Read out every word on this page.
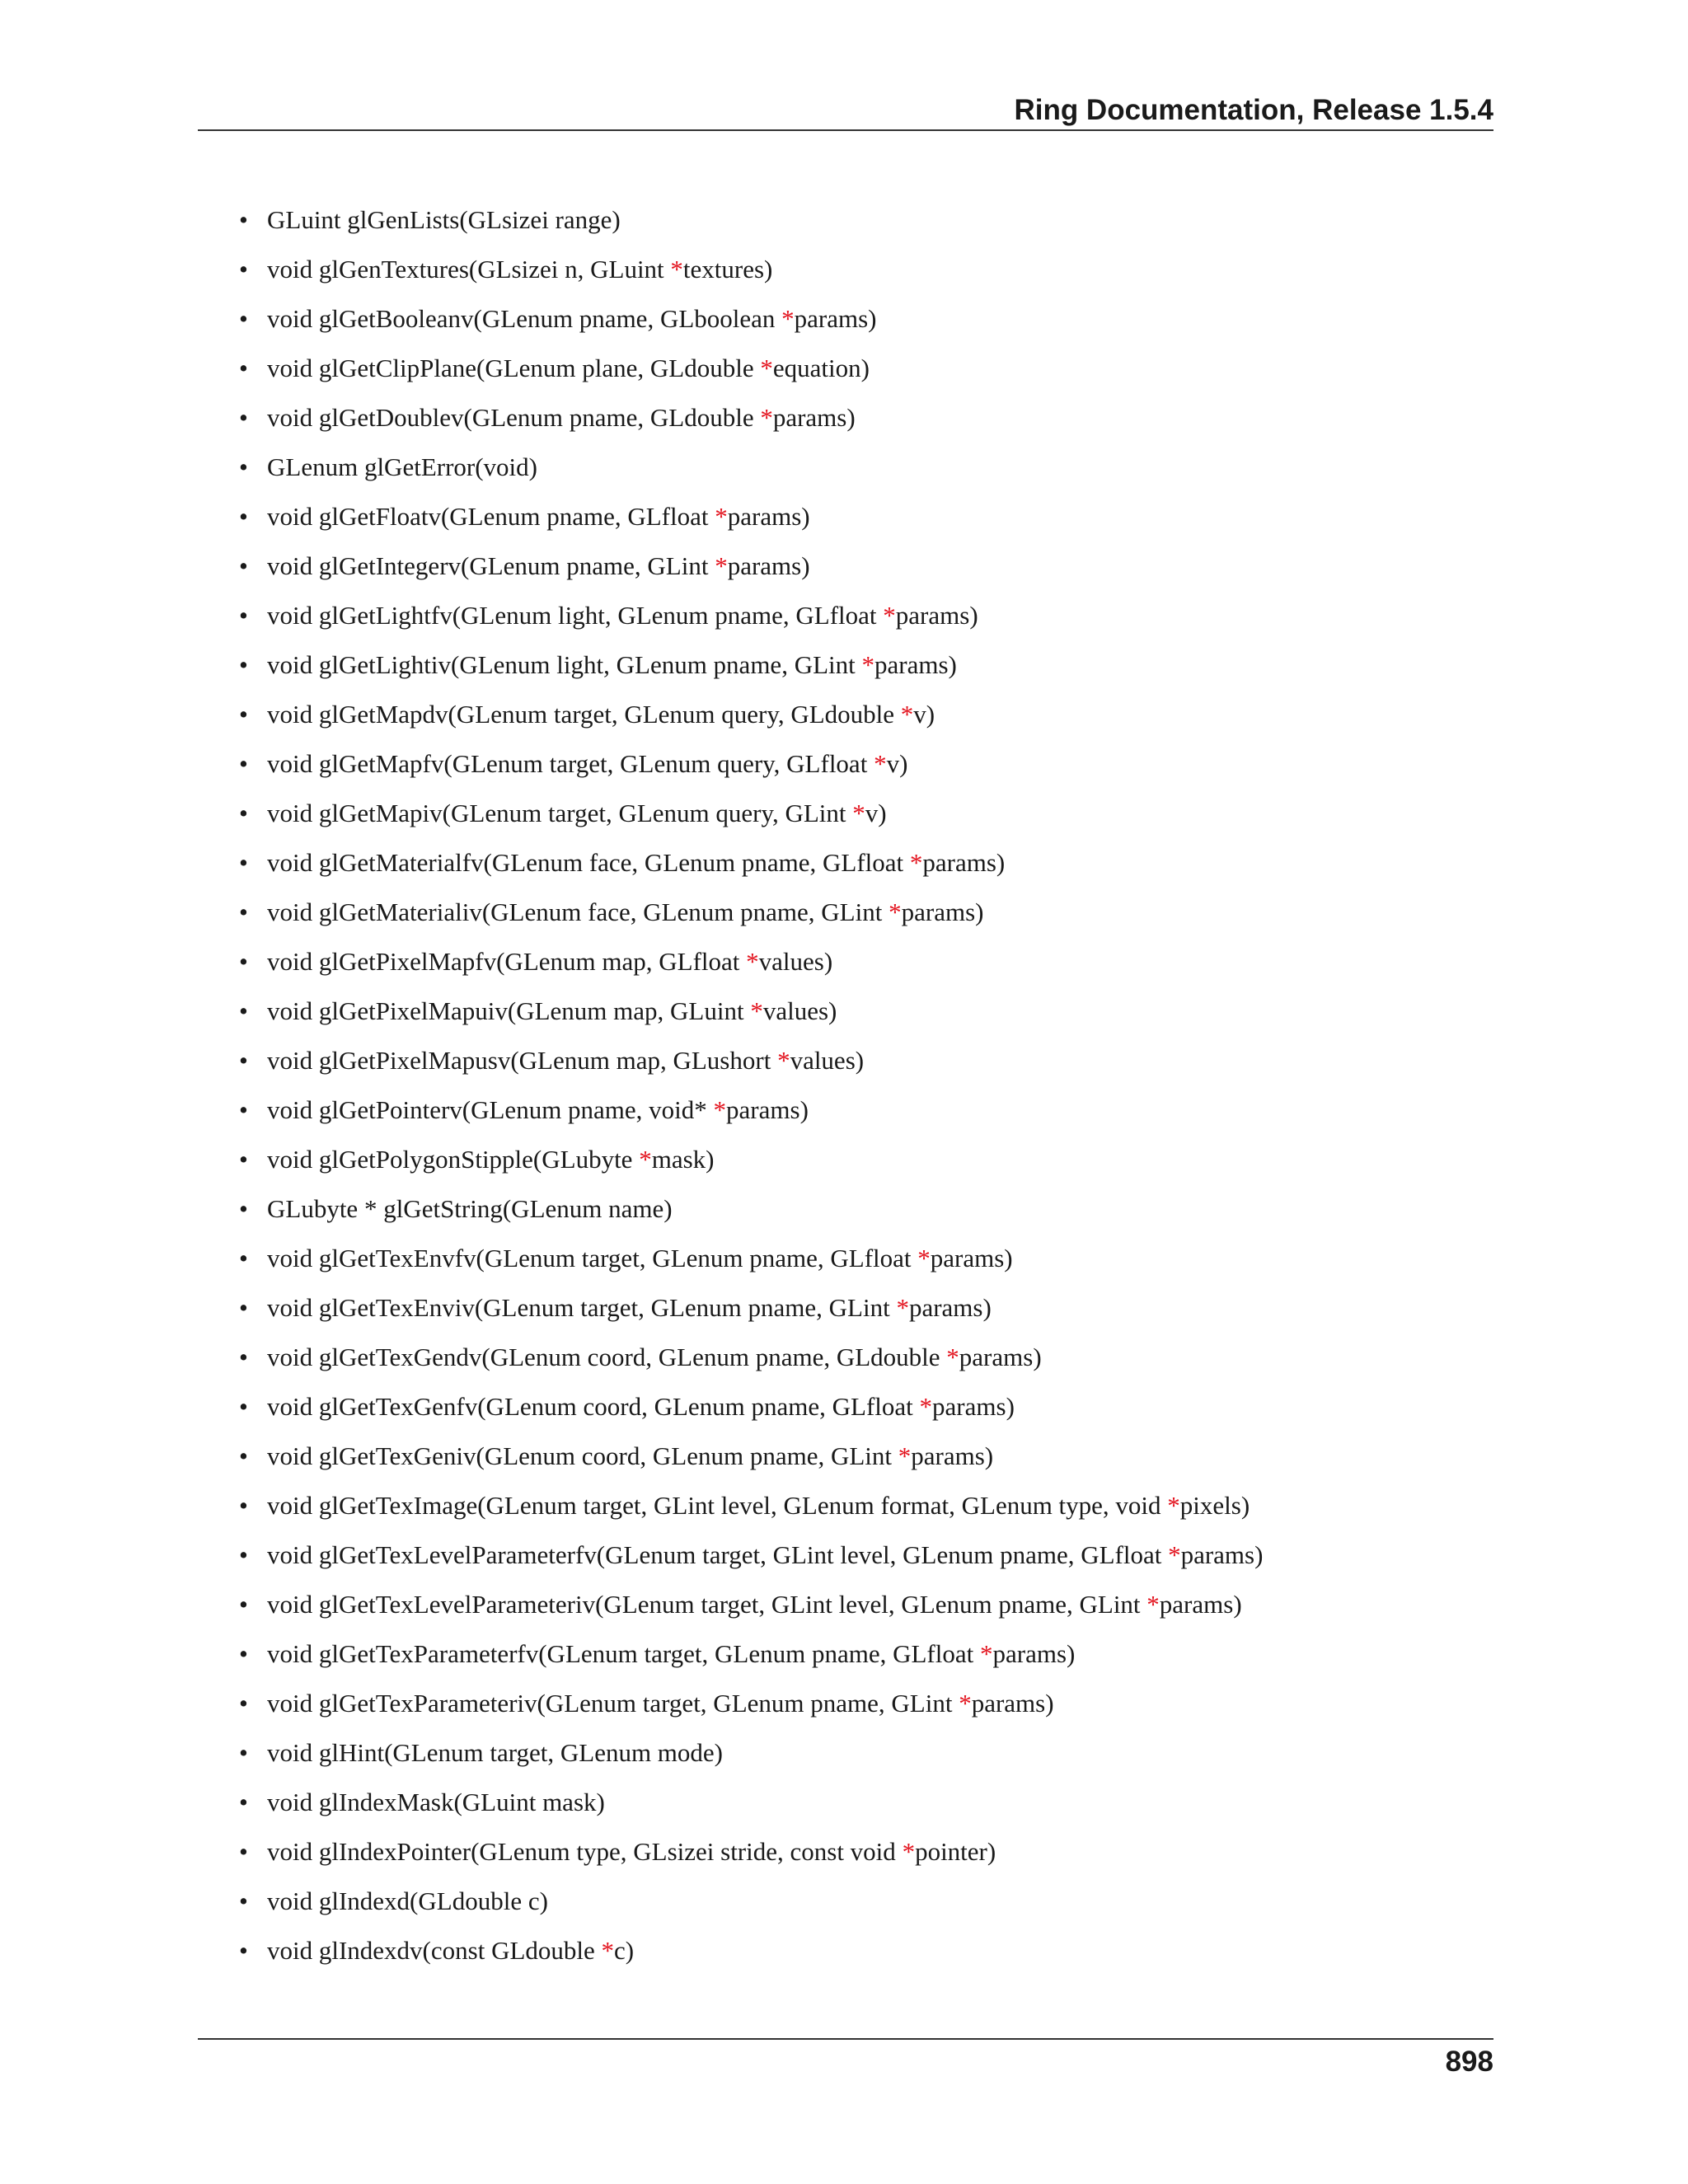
Ring Documentation, Release 1.5.4
• GLuint glGenLists(GLsizei range)
• void glGenTextures(GLsizei n, GLuint *textures)
• void glGetBooleanv(GLenum pname, GLboolean *params)
• void glGetClipPlane(GLenum plane, GLdouble *equation)
• void glGetDoublev(GLenum pname, GLdouble *params)
• GLenum glGetError(void)
• void glGetFloatv(GLenum pname, GLfloat *params)
• void glGetIntegerv(GLenum pname, GLint *params)
• void glGetLightfv(GLenum light, GLenum pname, GLfloat *params)
• void glGetLightiv(GLenum light, GLenum pname, GLint *params)
• void glGetMapdv(GLenum target, GLenum query, GLdouble *v)
• void glGetMapfv(GLenum target, GLenum query, GLfloat *v)
• void glGetMapiv(GLenum target, GLenum query, GLint *v)
• void glGetMaterialfv(GLenum face, GLenum pname, GLfloat *params)
• void glGetMaterialiv(GLenum face, GLenum pname, GLint *params)
• void glGetPixelMapfv(GLenum map, GLfloat *values)
• void glGetPixelMapuiv(GLenum map, GLuint *values)
• void glGetPixelMapusv(GLenum map, GLushort *values)
• void glGetPointerv(GLenum pname, void* *params)
• void glGetPolygonStipple(GLubyte *mask)
• GLubyte * glGetString(GLenum name)
• void glGetTexEnvfv(GLenum target, GLenum pname, GLfloat *params)
• void glGetTexEnviv(GLenum target, GLenum pname, GLint *params)
• void glGetTexGendv(GLenum coord, GLenum pname, GLdouble *params)
• void glGetTexGenfv(GLenum coord, GLenum pname, GLfloat *params)
• void glGetTexGeniv(GLenum coord, GLenum pname, GLint *params)
• void glGetTexImage(GLenum target, GLint level, GLenum format, GLenum type, void *pixels)
• void glGetTexLevelParameterfv(GLenum target, GLint level, GLenum pname, GLfloat *params)
• void glGetTexLevelParameteriv(GLenum target, GLint level, GLenum pname, GLint *params)
• void glGetTexParameterfv(GLenum target, GLenum pname, GLfloat *params)
• void glGetTexParameteriv(GLenum target, GLenum pname, GLint *params)
• void glHint(GLenum target, GLenum mode)
• void glIndexMask(GLuint mask)
• void glIndexPointer(GLenum type, GLsizei stride, const void *pointer)
• void glIndexd(GLdouble c)
• void glIndexdv(const GLdouble *c)
898
